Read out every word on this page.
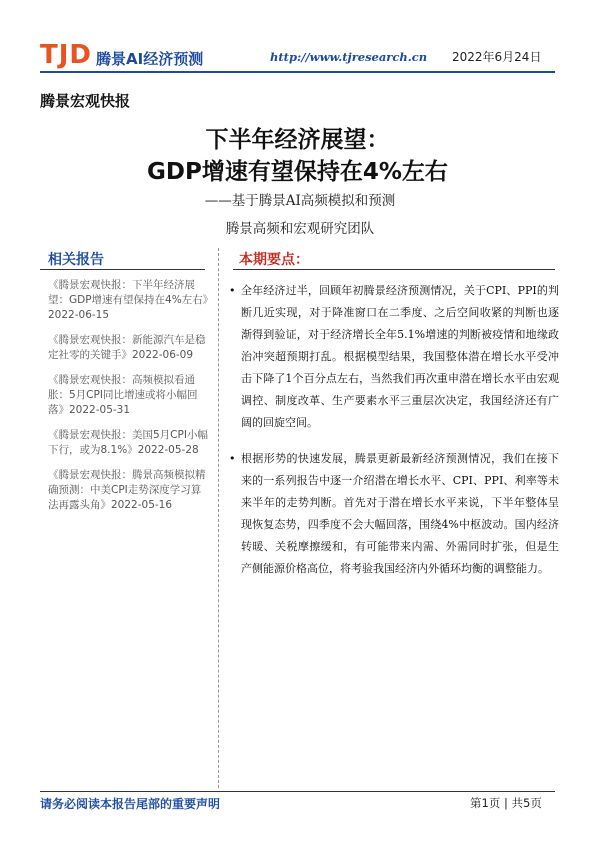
TJD 腾景AI经济预测	http://www.tjresearch.cn 2022年6月24日
腾景宏观快报
下半年经济展望：
GDP增速有望保持在4%左右
——基于腾景AI高频模拟和预测
腾景高频和宏观研究团队
相关报告
《腾景宏观快报：下半年经济展望：GDP增速有望保持在4%左右》2022-06-15
《腾景宏观快报：新能源汽车是稳定社零的关键手》2022-06-09
《腾景宏观快报：高频模拟看通胀：5月CPI同比增速或将小幅回落》2022-05-31
《腾景宏观快报：美国5月CPI小幅下行，或为8.1%》2022-05-28
《腾景宏观快报：腾景高频模拟精确预测：中美CPI走势深度学习算法再露头角》2022-05-16
本期要点：
• 全年经济过半，回顾年初腾景经济预测情况，关于CPI、PPI的判断几近实现，对于降准窗口在二季度、之后空间收紧的判断也逐渐得到验证，对于经济增长全年5.1%增速的判断被疫情和地缘政治冲突超预期打乱。根据模型结果，我国整体潜在增长水平受冲击下降了1个百分点左右，当然我们再次重申潜在增长水平由宏观调控、制度改革、生产要素水平三重层次决定，我国经济还有广阔的回旋空间。
• 根据形势的快速发展，腾景更新最新经济预测情况，我们在接下来的一系列报告中逐一介绍潜在增长水平、CPI、PPI、利率等未来半年的走势判断。首先对于潜在增长水平来说，下半年整体呈现恢复态势，四季度不会大幅回落，围绕4%中枢波动。国内经济转暖、关税摩擦缓和，有可能带来内需、外需同时扩张，但是生产侧能源价格高位，将考验我国经济内外循环均衡的调整能力。
请务必阅读本报告尾部的重要声明	第1页 | 共5页
